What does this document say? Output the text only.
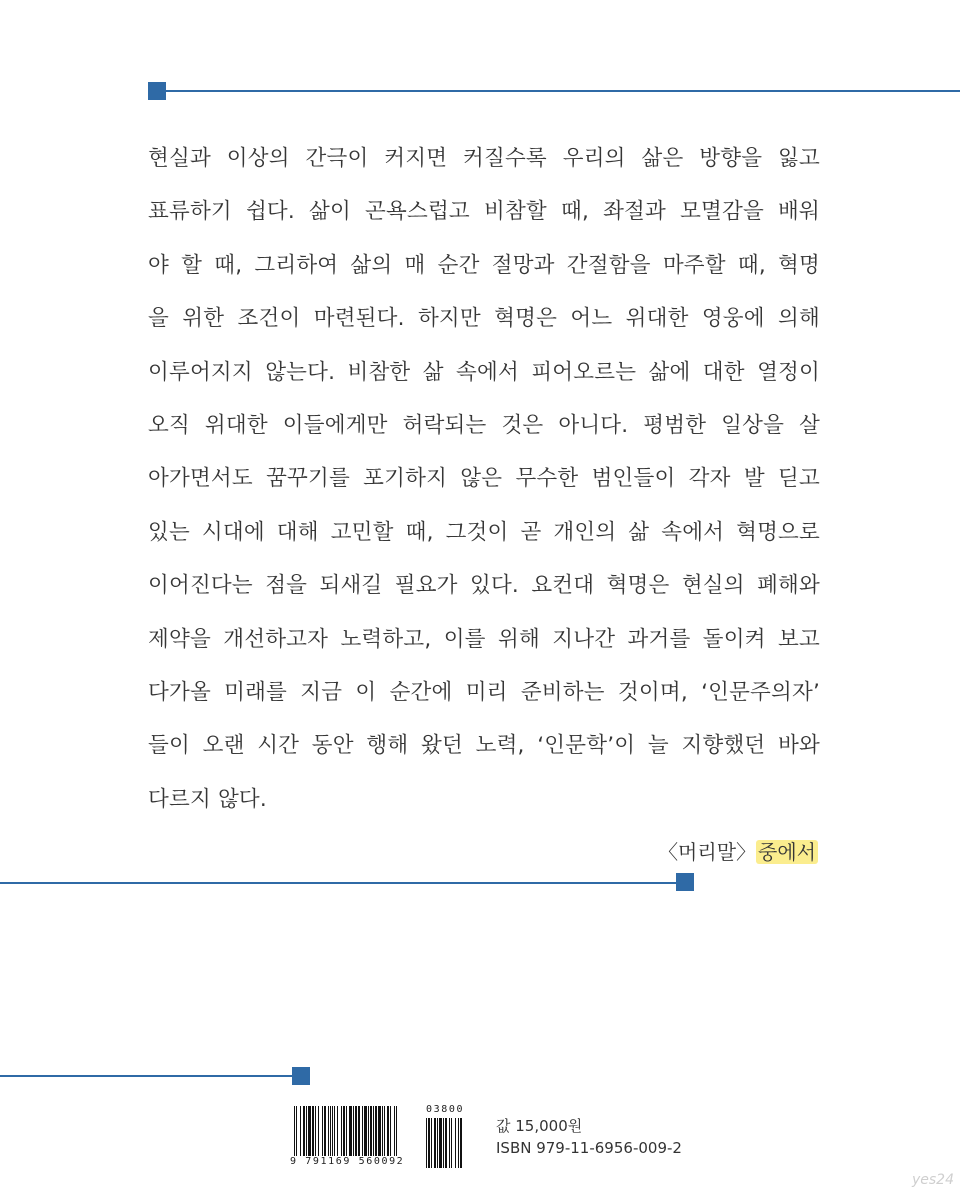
현실과 이상의 간극이 커지면 커질수록 우리의 삶은 방향을 잃고
표류하기 쉽다. 삶이 곤욕스럽고 비참할 때, 좌절과 모멸감을 배워
야 할 때, 그리하여 삶의 매 순간 절망과 간절함을 마주할 때, 혁명
을 위한 조건이 마련된다. 하지만 혁명은 어느 위대한 영웅에 의해
이루어지지 않는다. 비참한 삶 속에서 피어오르는 삶에 대한 열정이
오직 위대한 이들에게만 허락되는 것은 아니다. 평범한 일상을 살
아가면서도 꿈꾸기를 포기하지 않은 무수한 범인들이 각자 발 딛고
있는 시대에 대해 고민할 때, 그것이 곧 개인의 삶 속에서 혁명으로
이어진다는 점을 되새길 필요가 있다. 요컨대 혁명은 현실의 폐해와
제약을 개선하고자 노력하고, 이를 위해 지나간 과거를 돌이켜 보고
다가올 미래를 지금 이 순간에 미리 준비하는 것이며, ‘인문주의자’
들이 오랜 시간 동안 행해 왔던 노력, ‘인문학’이 늘 지향했던 바와
다르지 않다.
〈머리말〉 중에서
9 791169 560092
03800
값 15,000원
ISBN 979-11-6956-009-2
yes24
